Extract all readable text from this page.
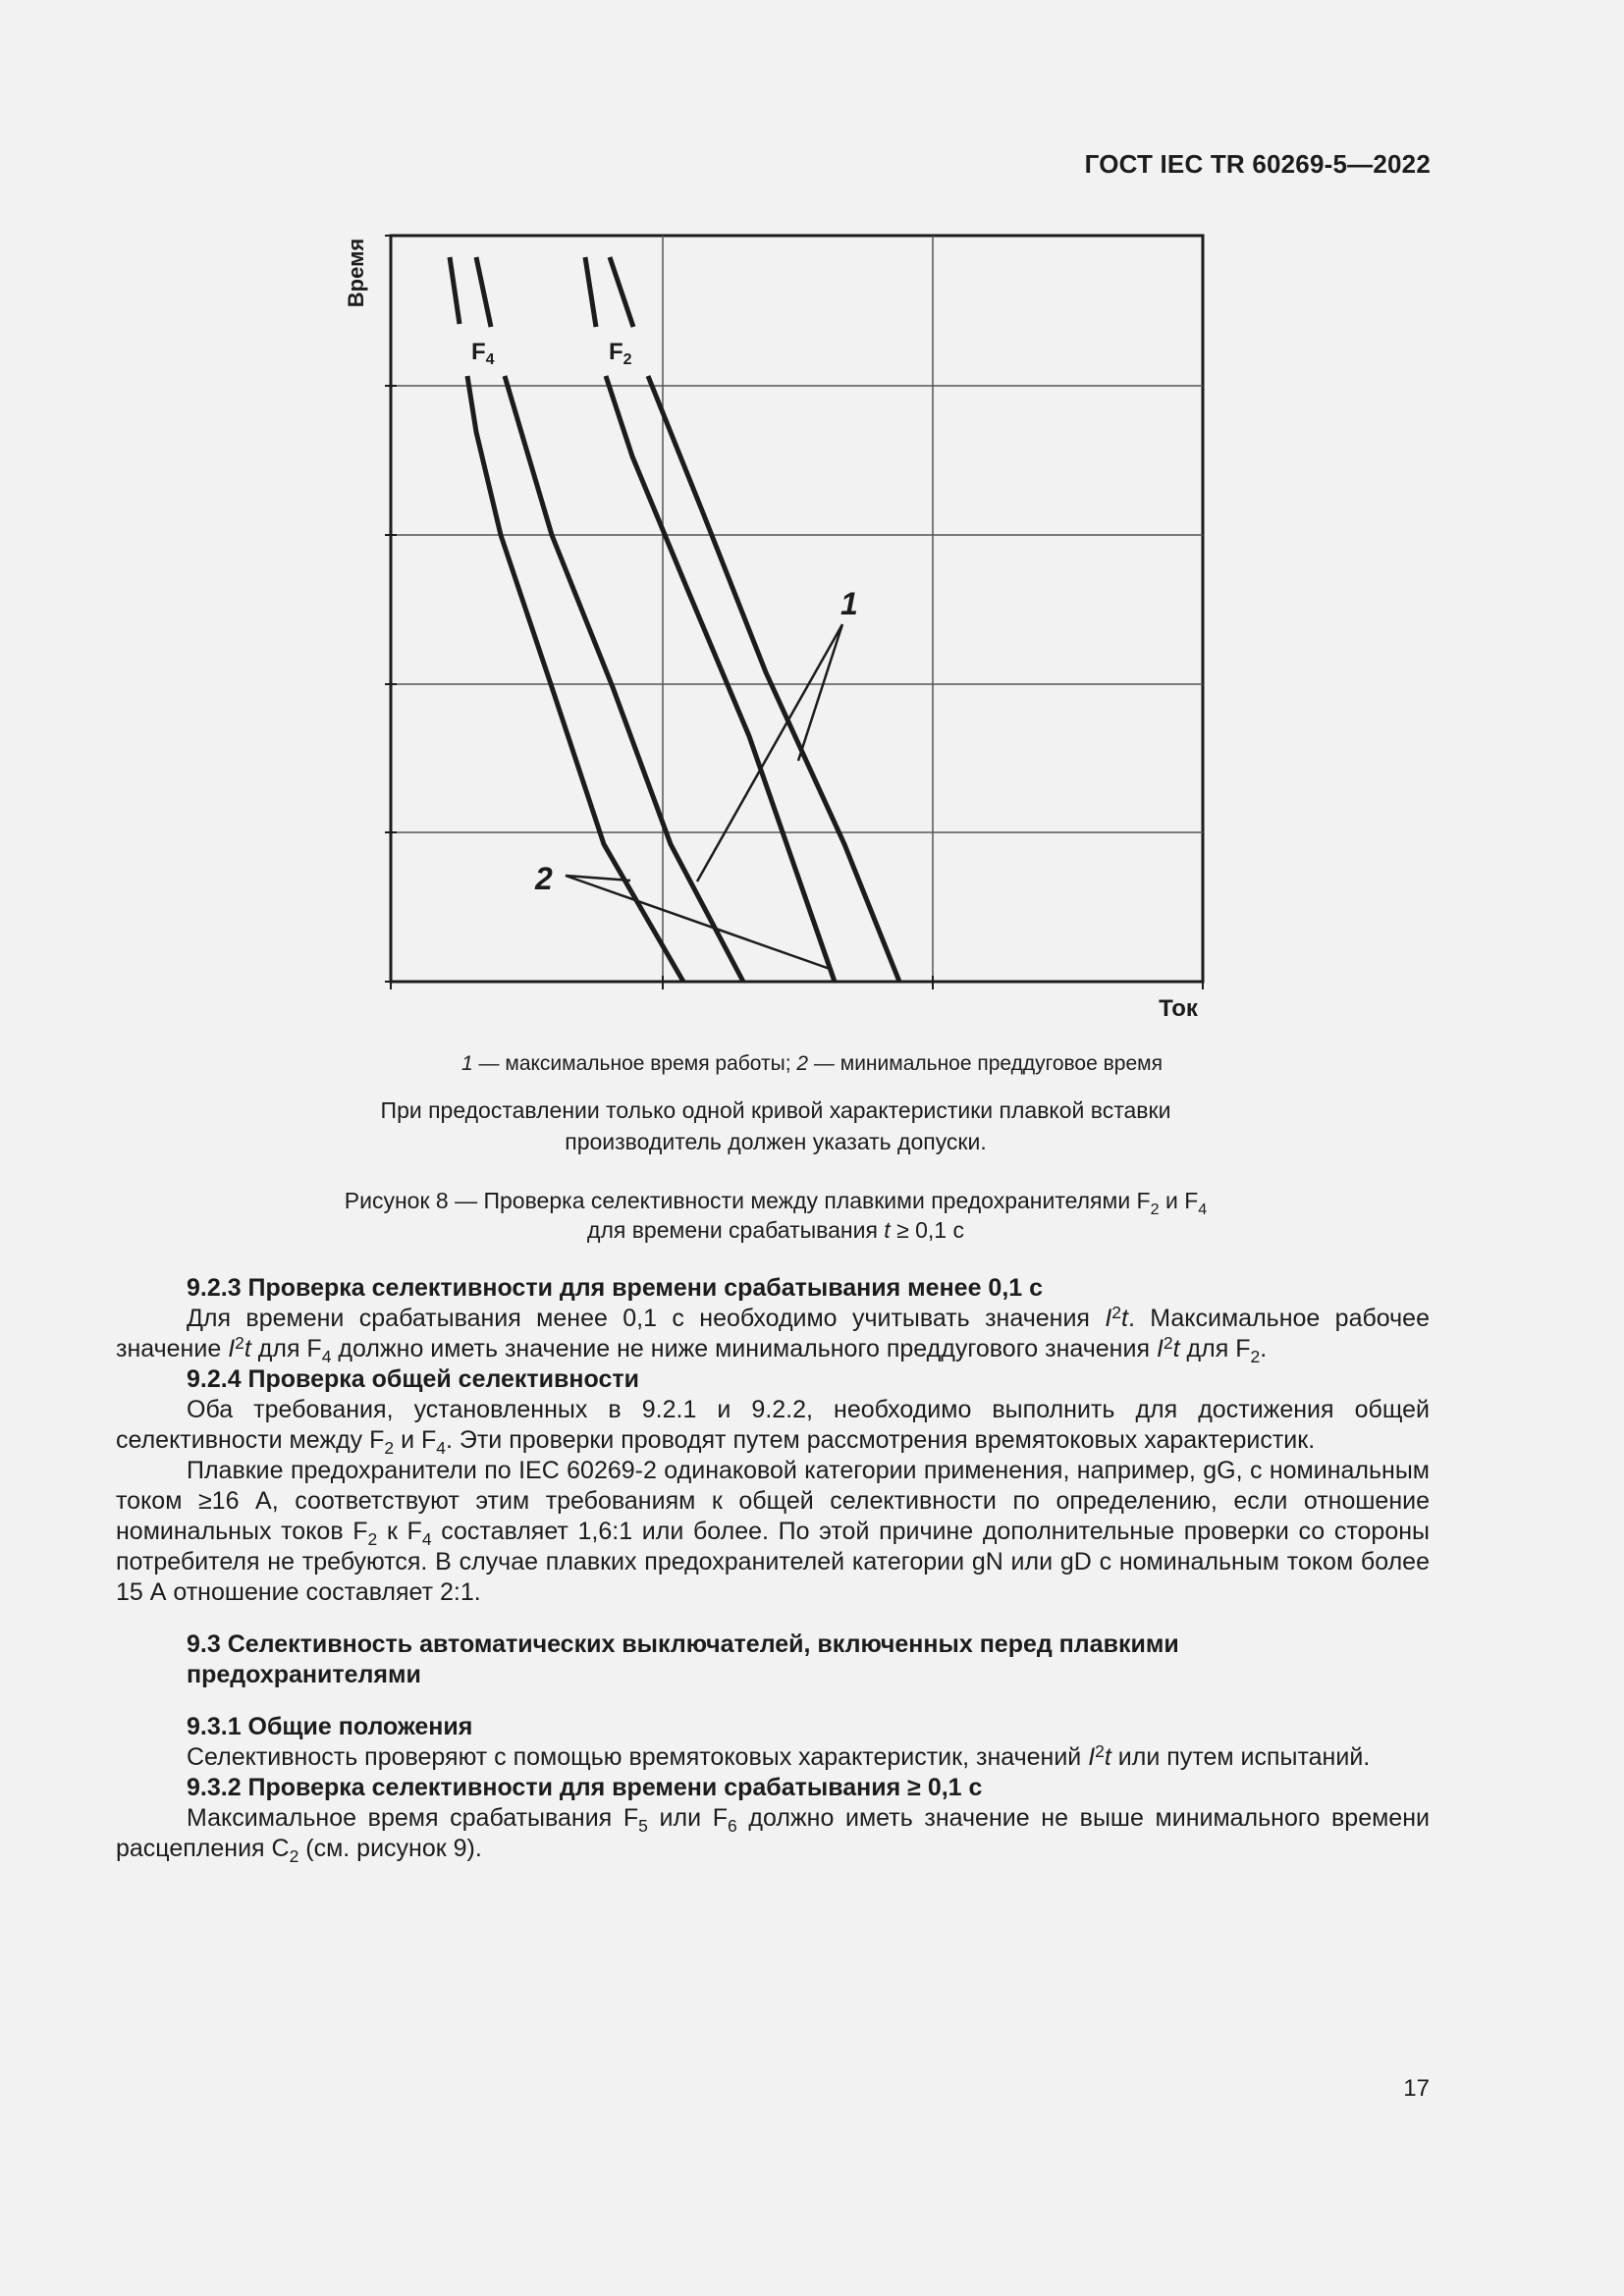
ГОСТ IEC TR 60269-5—2022
Время
Ток
$F_4$	$F_2$
1
2
1 — максимальное время работы; 2 — минимальное преддуговое время
При предоставлении только одной кривой характеристики плавкой вставки
производитель должен указать допуски.
Рисунок 8 — Проверка селективности между плавкими предохранителями $F_2$ и $F_4$
для времени срабатывания t ≥ 0,1 с
9.2.3 Проверка селективности для времени срабатывания менее 0,1 с

Для времени срабатывания менее 0,1 с необходимо учитывать значения $I^2t$. Максимальное рабочее значение $I^2t$ для $F_4$ должно иметь значение не ниже минимального преддугового значения $I^2t$ для $F_2$.

9.2.4 Проверка общей селективности

Оба требования, установленных в 9.2.1 и 9.2.2, необходимо выполнить для достижения общей селективности между $F_2$ и $F_4$. Эти проверки проводят путем рассмотрения времятоковых характеристик.

Плавкие предохранители по IEC 60269-2 одинаковой категории применения, например, gG, с номинальным током ≥16 А, соответствуют этим требованиям к общей селективности по определению, если отношение номинальных токов $F_2$ к $F_4$ составляет 1,6:1 или более. По этой причине дополнительные проверки со стороны потребителя не требуются. В случае плавких предохранителей категории gN или gD с номинальным током более 15 А отношение составляет 2:1.

9.3 Селективность автоматических выключателей, включенных перед плавкими
предохранителями
9.3.1 Общие положения

Селективность проверяют с помощью времятоковых характеристик, значений $I^2t$ или путем испытаний.

9.3.2 Проверка селективности для времени срабатывания ≥ 0,1 с

Максимальное время срабатывания $F_5$ или $F_6$ должно иметь значение не выше минимального времени расцепления $C_2$ (см. рисунок 9).

17
